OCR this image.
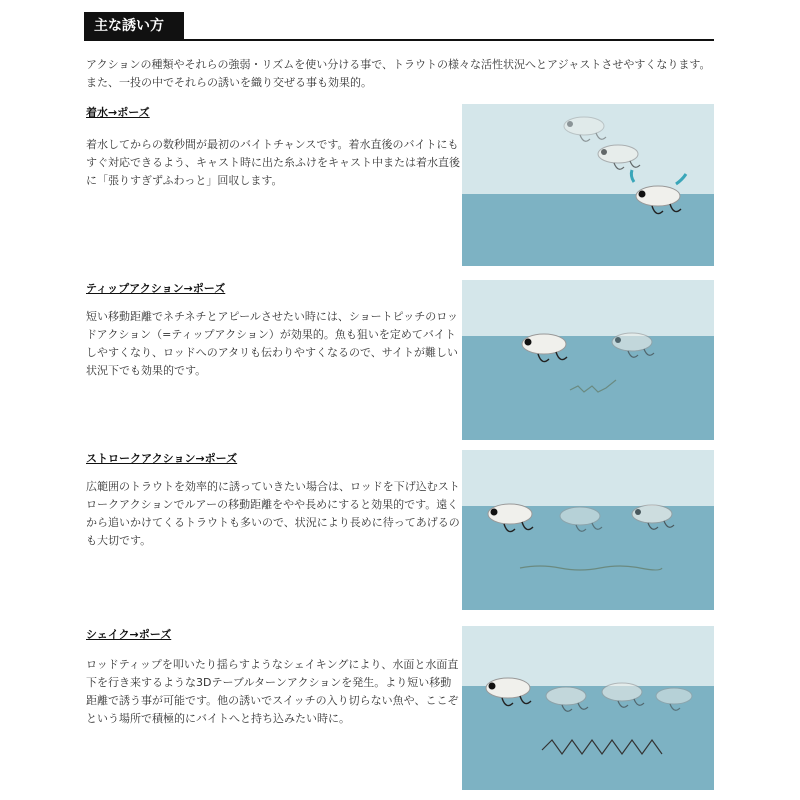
主な誘い方
アクションの種類やそれらの強弱・リズムを使い分ける事で、トラウトの様々な活性状況へとアジャストさせやすくなります。また、一投の中でそれらの誘いを織り交ぜる事も効果的。
着水→ポーズ
着水してからの数秒間が最初のバイトチャンスです。着水直後のバイトにもすぐ対応できるよう、キャスト時に出た糸ふけをキャスト中または着水直後に「張りすぎずふわっと」回収します。
ティップアクション→ポーズ
短い移動距離でネチネチとアピールさせたい時には、ショートピッチのロッドアクション（=ティップアクション）が効果的。魚も狙いを定めてバイトしやすくなり、ロッドへのアタリも伝わりやすくなるので、サイトが難しい状況下でも効果的です。
ストロークアクション→ポーズ
広範囲のトラウトを効率的に誘っていきたい場合は、ロッドを下げ込むストロークアクションでルアーの移動距離をやや長めにすると効果的です。遠くから追いかけてくるトラウトも多いので、状況により長めに待ってあげるのも大切です。
シェイク→ポーズ
ロッドティップを叩いたり揺らすようなシェイキングにより、水面と水面直下を行き来するような3Dテーブルターンアクションを発生。より短い移動距離で誘う事が可能です。他の誘いでスイッチの入り切らない魚や、ここぞという場所で積極的にバイトへと持ち込みたい時に。
